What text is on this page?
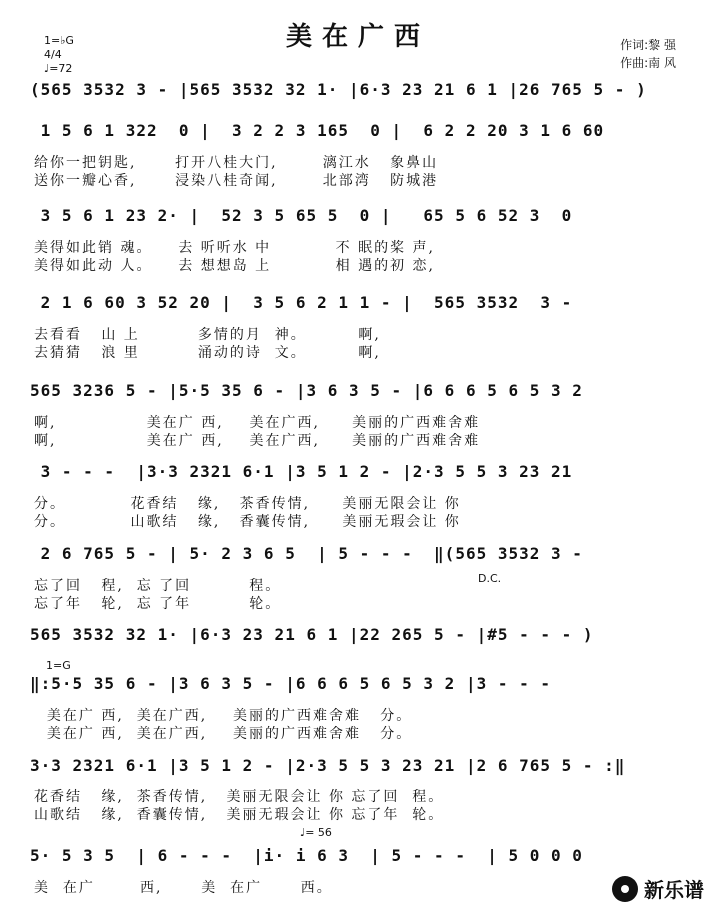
美在广西
1=♭G
4/4
♩=72
作词:黎 强
作曲:南 风
(565 3532 3 - |565 3532 32 1· |6·3 23 21 6 1 |26 765 5 - )
1 5 6 1 322  0 |  3 2 2 3 165  0 |  6 2 2 20 3 1 6 60
给你一把钥匙,      打开八桂大门,       漓江水   象鼻山
送你一瓣心香,      浸染八桂奇闻,       北部湾   防城港
3 5 6 1 23 2· |  52 3 5 65 5  0 |   65 5 6 52 3  0
美得如此销 魂。    去 听听水 中          不 眠的桨 声,
美得如此动 人。    去 想想岛 上          相 遇的初 恋,
2 1 6 60 3 52 20 |  3 5 6 2 1 1 - |  565 3532  3 -
去看看   山 上         多情的月  神。        啊,
去猜猜   浪 里         涌动的诗  文。        啊,
565 3236 5 - |5·5 35 6 - |3 6 3 5 - |6 6 6 5 6 5 3 2
啊,              美在广 西,    美在广西,     美丽的广西难舍难
啊,              美在广 西,    美在广西,     美丽的广西难舍难
3 - - -  |3·3 2321 6·1 |3 5 1 2 - |2·3 5 5 3 23 21
分。          花香结   缘,   茶香传情,     美丽无限会让 你
分。          山歌结   缘,   香囊传情,     美丽无瑕会让 你
2 6 765 5 - | 5· 2 3 6 5  | 5 - - -  ‖(565 3532 3 -
忘了回   程,  忘 了回         程。
忘了年   轮,  忘 了年         轮。
D.C.
565 3532 32 1· |6·3 23 21 6 1 |22 265 5 - |#5 - - - )
1=G
‖:5·5 35 6 - |3 6 3 5 - |6 6 6 5 6 5 3 2 |3 - - -
美在广 西,  美在广西,    美丽的广西难舍难   分。
美在广 西,  美在广西,    美丽的广西难舍难   分。
3·3 2321 6·1 |3 5 1 2 - |2·3 5 5 3 23 21 |2 6 765 5 - :‖
花香结   缘,  茶香传情,   美丽无限会让 你 忘了回  程。
山歌结   缘,  香囊传情,   美丽无瑕会让 你 忘了年  轮。
♩= 56
5· 5 3 5  | 6 - - -  |i· i 6 3  | 5 - - -  | 5 0 0 0
美  在广       西,      美  在广      西。	新乐谱
